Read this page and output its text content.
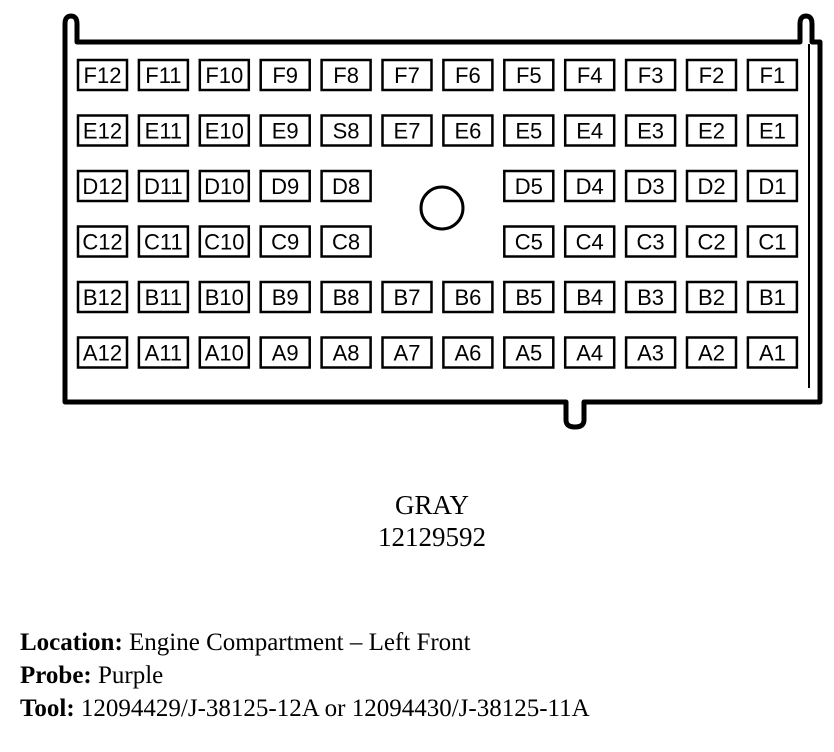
F12 F11 F10 F9 F8 F7 F6 F5 F4 F3 F2 F1
E12 E11 E10 E9 S8 E7 E6 E5 E4 E3 E2 E1
D12 D11 D10 D9 D8	D5 D4 D3 D2 D1
C12 C11 C10 C9 C8	C5 C4 C3 C2 C1
B12 B11 B10 B9 B8 B7 B6 B5 B4 B3 B2 B1
A12 A11 A10 A9 A8 A7 A6 A5 A4 A3 A2 A1
GRAY
12129592
Location: Engine Compartment – Left Front
Probe: Purple
Tool: 12094429/J-38125-12A or 12094430/J-38125-11A
